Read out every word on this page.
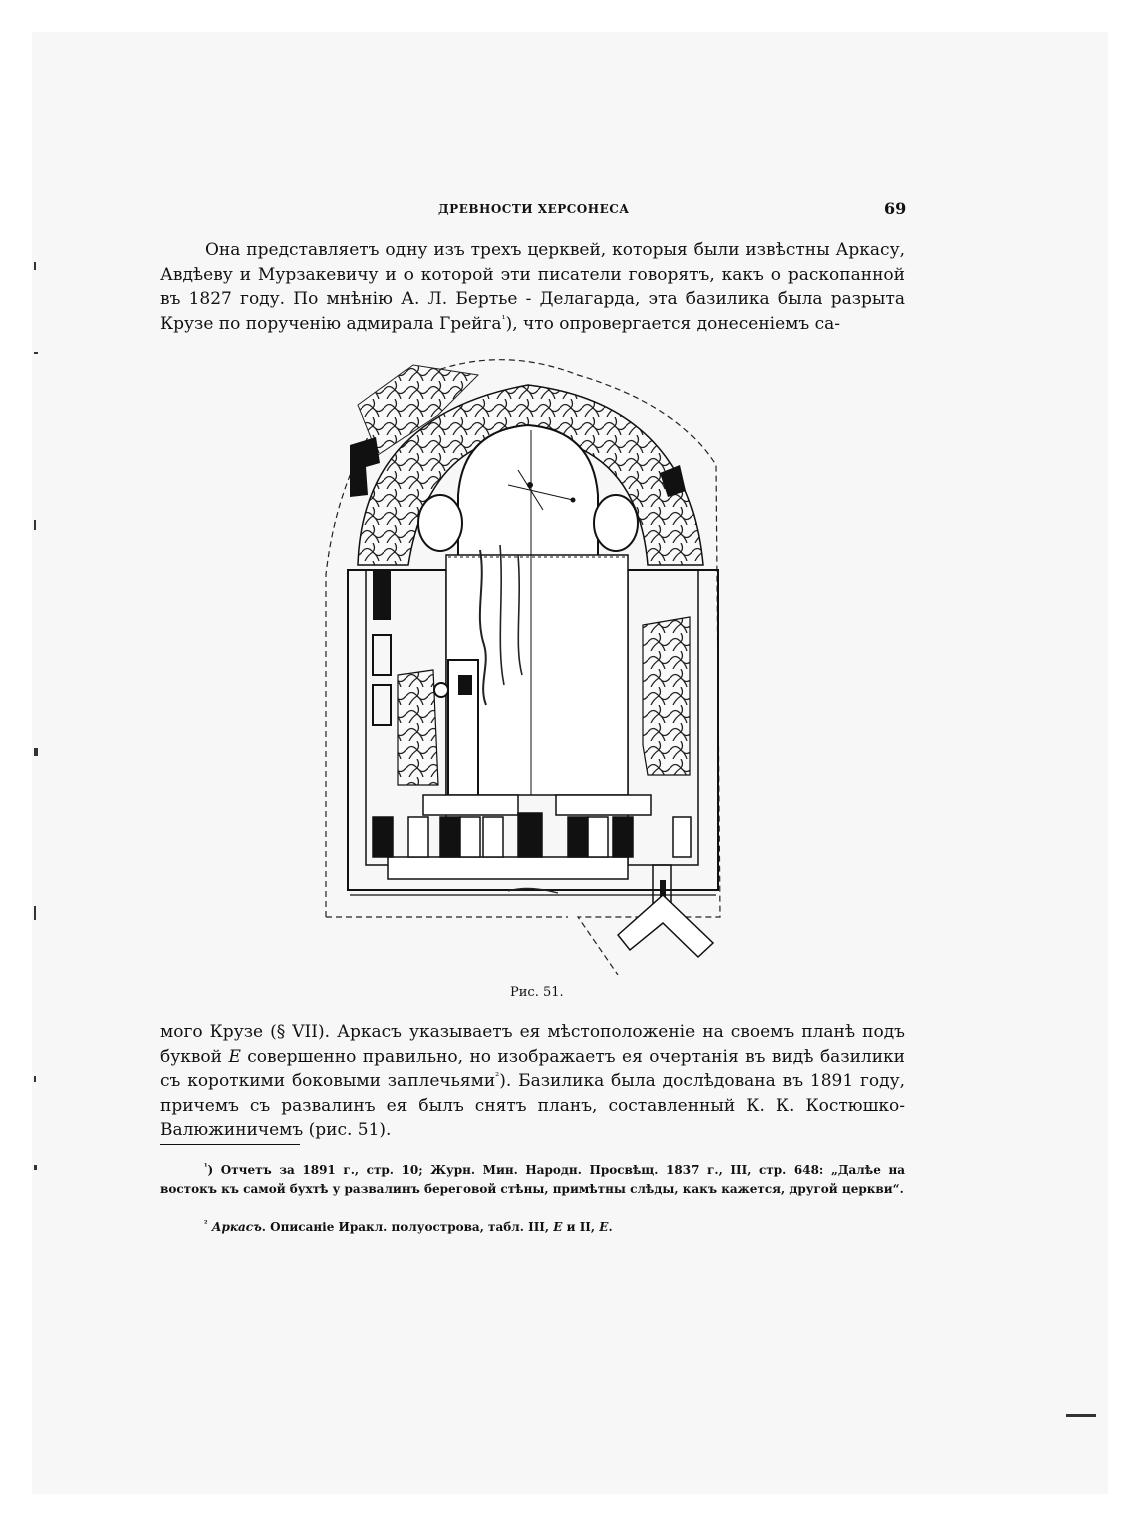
ДРЕВНОСТИ ХЕРСОНЕСА	69

Она представляетъ одну изъ трехъ церквей, которыя были извѣстны Аркасу, Авдѣеву и Мурзакевичу и о которой эти писатели говорятъ, какъ о раскопанной въ 1827 году. По мнѣнію А. Л. Бертье - Делагарда, эта базилика была разрыта Крузе по порученію адмирала Грейга$^{^1}$), что опровергается донесеніемъ са-

Рис. 51.

мого Крузе (§ VII). Аркасъ указываетъ ея мѣстоположеніе на своемъ планѣ подъ буквой E совершенно правильно, но изображаетъ ея очертанія въ видѣ базилики съ короткими боковыми заплечьями$^{^2}$). Базилика была дослѣдована въ 1891 году, причемъ съ развалинъ ея былъ снятъ планъ, составленный К. К. Костюшко-Валюжиничемъ (рис. 51).

$^{^1}$) Отчетъ за 1891 г., стр. 10; Журн. Мин. Народн. Просвѣщ. 1837 г., III, стр. 648: „Далѣе на востокъ къ самой бухтѣ у развалинъ береговой стѣны, примѣтны слѣды, какъ кажется, другой церкви“.

$^{^2}$ Аркасъ. Описаніе Иракл. полуострова, табл. III, E и II, E.
